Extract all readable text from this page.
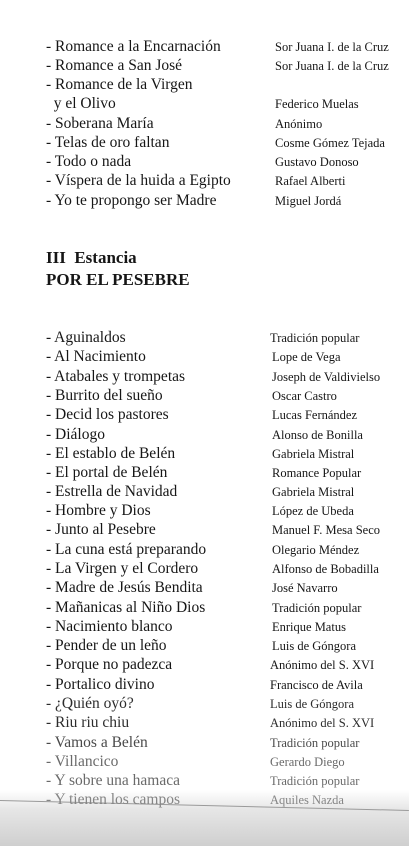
- Romance a la Encarnación	Sor Juana I. de la Cruz
- Romance a San José	Sor Juana I. de la Cruz
- Romance de la Virgen
y el Olivo	Federico Muelas
- Soberana María	Anónimo
- Telas de oro faltan	Cosme Gómez Tejada
- Todo o nada	Gustavo Donoso
- Víspera de la huida a Egipto	Rafael Alberti
- Yo te propongo ser Madre	Miguel Jordá
III  Estancia
POR EL PESEBRE
- Aguinaldos	Tradición popular
- Al Nacimiento	Lope de Vega
- Atabales y trompetas	Joseph de Valdivielso
- Burrito del sueño	Oscar Castro
- Decid los pastores	Lucas Fernández
- Diálogo	Alonso de Bonilla
- El establo de Belén	Gabriela Mistral
- El portal de Belén	Romance Popular
- Estrella de Navidad	Gabriela Mistral
- Hombre y Dios	López de Ubeda
- Junto al Pesebre	Manuel F. Mesa Seco
- La cuna está preparando	Olegario Méndez
- La Virgen y el Cordero	Alfonso de Bobadilla
- Madre de Jesús Bendita	José Navarro
- Mañanicas al Niño Dios	Tradición popular
- Nacimiento blanco	Enrique Matus
- Pender de un leño	Luis de Góngora
- Porque no padezca	Anónimo del S. XVI
- Portalico divino	Francisco de Avila
- ¿Quién oyó?	Luis de Góngora
- Riu riu chiu	Anónimo del S. XVI
- Vamos a Belén	Tradición popular
- Villancico	Gerardo Diego
- Y sobre una hamaca	Tradición popular
- Y tienen los campos	Aquiles Nazda
